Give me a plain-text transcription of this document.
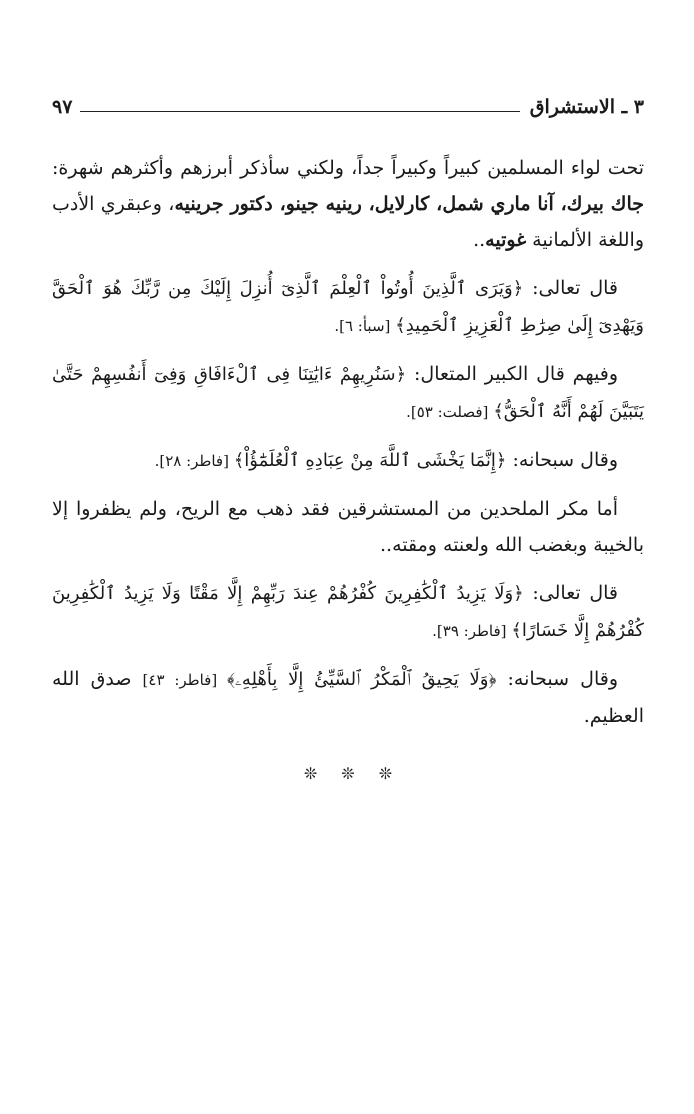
٣ ـ الاستشراق
٩٧

تحت لواء المسلمين كبيراً وكبيراً جداً، ولكني سأذكر أبرزهم وأكثرهم شهرة: جاك بيرك، آنا ماري شمل، كارلايل، رينيه جينو، دكتور جرينيه، وعبقري الأدب واللغة الألمانية غوتيه..

قال تعالى: ﴿وَيَرَى ٱلَّذِينَ أُوتُواْ ٱلْعِلْمَ ٱلَّذِىٓ أُنزِلَ إِلَيْكَ مِن رَّبِّكَ هُوَ ٱلْحَقَّ وَيَهْدِىٓ إِلَىٰ صِرَٰطِ ٱلْعَزِيزِ ٱلْحَمِيدِ﴾ [سبأ: ٦].

وفيهم قال الكبير المتعال: ﴿سَنُرِيهِمْ ءَايَٰتِنَا فِى ٱلْءَافَاقِ وَفِىٓ أَنفُسِهِمْ حَتَّىٰ يَتَبَيَّنَ لَهُمْ أَنَّهُ ٱلْحَقُّ﴾ [فصلت: ٥٣].

وقال سبحانه: ﴿إِنَّمَا يَخْشَى ٱللَّهَ مِنْ عِبَادِهِ ٱلْعُلَمَٰٓؤُاْ﴾ [فاطر: ٢٨].

أما مكر الملحدين من المستشرقين فقد ذهب مع الريح، ولم يظفروا إلا بالخيبة وبغضب الله ولعنته ومقته..

قال تعالى: ﴿وَلَا يَزِيدُ ٱلْكَٰفِرِينَ كُفْرُهُمْ عِندَ رَبِّهِمْ إِلَّا مَقْتًا وَلَا يَزِيدُ ٱلْكَٰفِرِينَ كُفْرُهُمْ إِلَّا خَسَارًا﴾ [فاطر: ٣٩].

وقال سبحانه: ﴿وَلَا يَحِيقُ ٱلْمَكْرُ ٱلسَّيِّئُ إِلَّا بِأَهْلِهِۦ﴾ [فاطر: ٤٣] صدق الله العظيم.

❊❊❊
